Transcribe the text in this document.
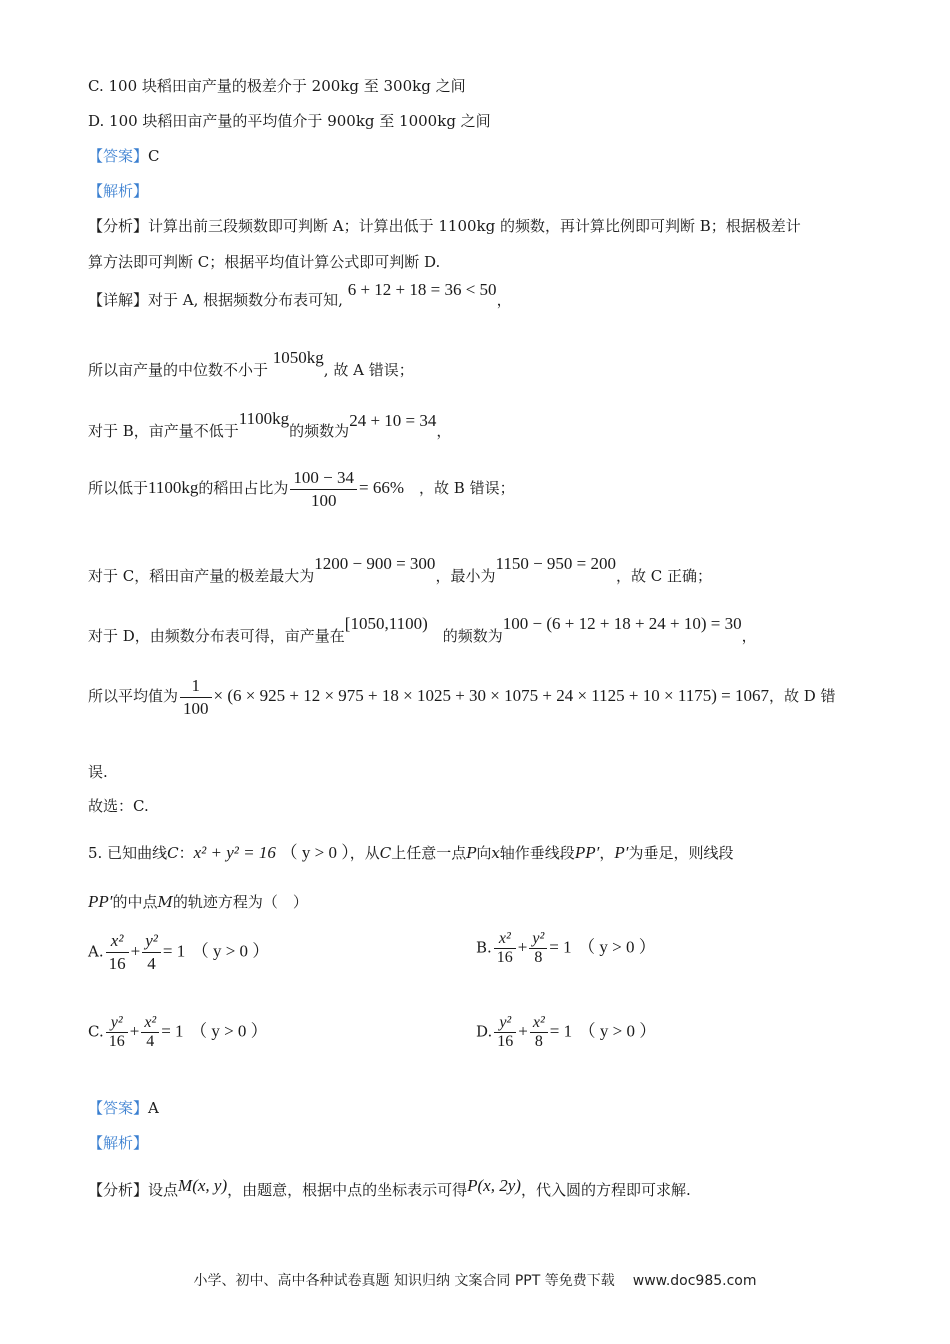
C. 100 块稻田亩产量的极差介于 200kg 至 300kg 之间
D. 100 块稻田亩产量的平均值介于 900kg 至 1000kg 之间
【答案】C
【解析】
【分析】计算出前三段频数即可判断 A；计算出低于 1100kg 的频数，再计算比例即可判断 B；根据极差计
算方法即可判断 C；根据平均值计算公式即可判断 D.
【详解】对于 A, 根据频数分布表可知, 6 + 12 + 18 = 36 < 50，
所以亩产量的中位数不小于 1050kg, 故 A 错误；
对于 B，亩产量不低于1100kg的频数为24 + 10 = 34，
所以低于1100kg的稻田占比为 $\frac{100 - 34}{100} = 66\%$　 ，故 B 错误；
对于 C，稻田亩产量的极差最大为1200 − 900 = 300，最小为1150 − 950 = 200，故 C 正确；
对于 D，由频数分布表可得，亩产量在[1050,1100)　的频数为100 − (6 + 12 + 18 + 24 + 10) = 30，
所以平均值为 $\frac{1}{100} \times (6 \times 925 + 12 \times 975 + 18 \times 1025 + 30 \times 1075 + 24 \times 1125 + 10 \times 1175) = 1067$，故 D 错
误.
故选：C.
5. 已知曲线C：x² + y² = 16 （ y > 0 ），从C上任意一点P向x轴作垂线段PP′，P′为垂足，则线段
PP′的中点M的轨迹方程为（　）
A. $\frac{\text{x²}}{16} + \frac{\text{y²}}{4} = 1$　 （ y > 0 ）	B. $\frac{\text{x²}}{16} + \frac{\text{y²}}{8} = 1$　 （ y > 0 ）
C. $\frac{\text{y²}}{16} + \frac{\text{x²}}{4} = 1$　 （ y > 0 ）	D. $\frac{\text{y²}}{16} + \frac{\text{x²}}{8} = 1$　 （ y > 0 ）
【答案】A
【解析】
【分析】设点M(x, y)，由题意，根据中点的坐标表示可得P(x, 2y)，代入圆的方程即可求解.
小学、初中、高中各种试卷真题 知识归纳 文案合同 PPT 等免费下载 www.doc985.com
